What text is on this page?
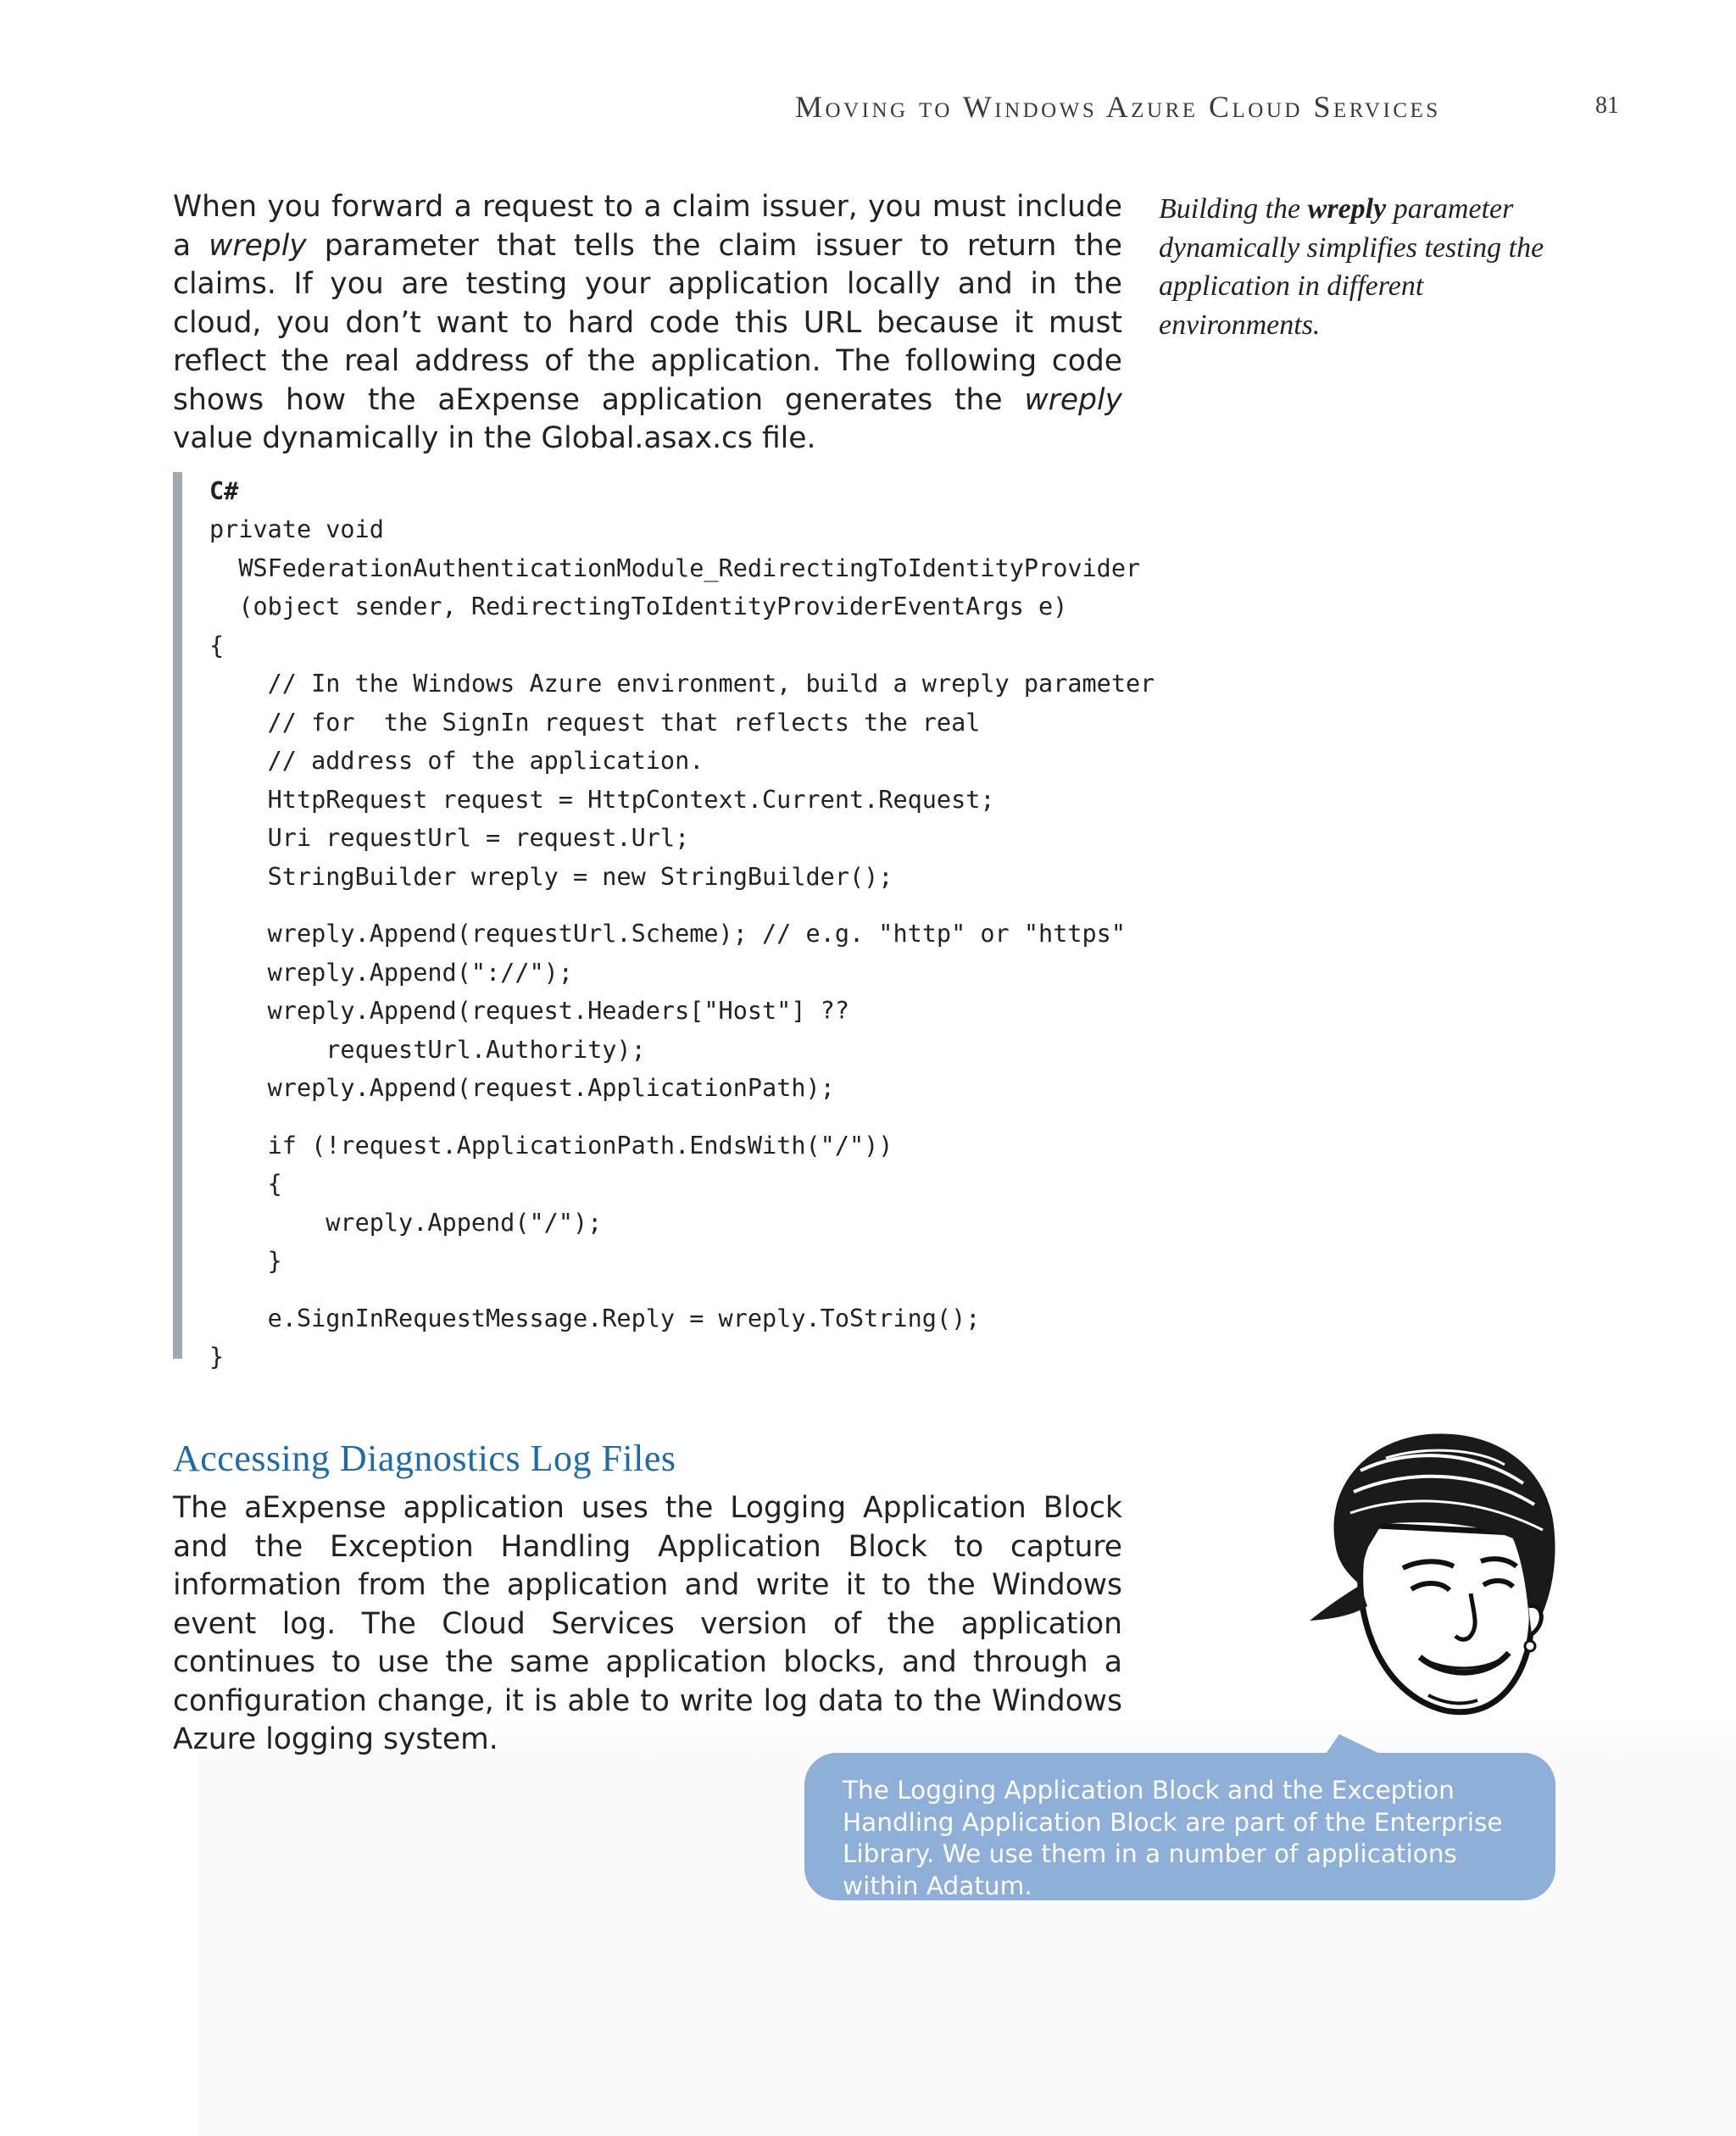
Moving to Windows Azure Cloud Services	81

When you forward a request to a claim issuer, you must include a wreply parameter that tells the claim issuer to return the claims. If you are testing your application locally and in the cloud, you don’t want to hard code this URL because it must reflect the real address of the application. The following code shows how the aExpense application generates the wreply value dynamically in the Global.asax.cs file.

Building the wreply parameter dynamically simplifies testing the application in different environments.

C#
private void
WSFederationAuthenticationModule_RedirectingToIdentityProvider
(object sender, RedirectingToIdentityProviderEventArgs e)
{
// In the Windows Azure environment, build a wreply parameter
// for  the SignIn request that reflects the real
// address of the application.
HttpRequest request = HttpContext.Current.Request;
Uri requestUrl = request.Url;
StringBuilder wreply = new StringBuilder();
wreply.Append(requestUrl.Scheme); // e.g. "http" or "https"
wreply.Append("://");
wreply.Append(request.Headers["Host"] ??
requestUrl.Authority);
wreply.Append(request.ApplicationPath);
if (!request.ApplicationPath.EndsWith("/"))
{
wreply.Append("/");
}
e.SignInRequestMessage.Reply = wreply.ToString();
}
Accessing Diagnostics Log Files

The aExpense application uses the Logging Application Block and the Exception Handling Application Block to capture information from the application and write it to the Windows event log. The Cloud Services version of the application continues to use the same application blocks, and through a configuration change, it is able to write log data to the Windows Azure logging system.

The Logging Application Block and the Exception Handling Application Block are part of the Enterprise Library. We use them in a number of applications within Adatum.
